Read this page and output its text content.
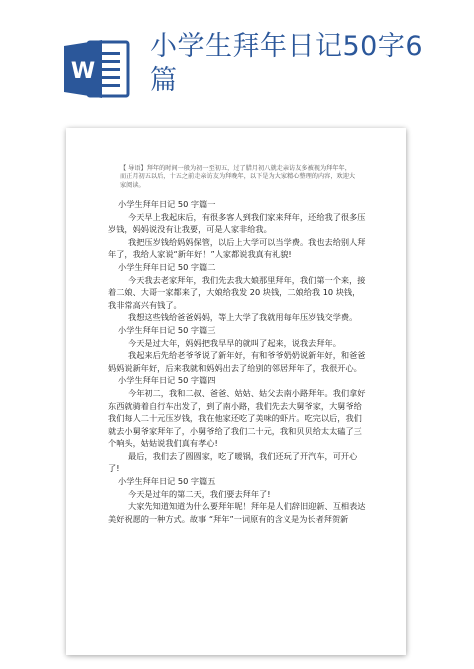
W
小学生拜年日记50字6篇

【 导语】拜年的时间一般为初一至初五，过了腊月初八就走亲访友多被视为拜年年，而正月初五以后，十五之前走亲访友为拜晚年，以下是为大家精心整理的内容，欢迎大家阅读。

小学生拜年日记 50 字篇一

今天早上我起床后，有很多客人到我们家来拜年，还给我了很多压岁钱，妈妈说没有让我要，可是人家非给我。

我把压岁钱给妈妈保管，以后上大学可以当学费。我也去给别人拜年了，我给人家说“新年好！”人家都说我真有礼貌!

小学生拜年日记 50 字篇二

今天我去老家拜年，我们先去我大娘那里拜年，我们第一个来，接着二娘、大哥一家都来了，大娘给我发 20 块钱，二娘给我 10 块钱，我非常高兴有钱了。

我想这些钱给爸爸妈妈，等上大学了我就用每年压岁钱交学费。

小学生拜年日记 50 字篇三

今天是过大年，妈妈把我早早的就叫了起来，说我去拜年。

我起来后先给老爷爷说了新年好，有和爷爷奶奶说新年好，和爸爸妈妈说新年好，后来我就和妈妈出去了给别的邻居拜年了，我很开心。

小学生拜年日记 50 字篇四

今年初二，我和二叔、爸爸、姑姑、姑父去南小路拜年。我们拿好东西就骑着自行车出发了，到了南小路，我们先去大舅爷家，大舅爷给我们每人二十元压岁钱，我在他家还吃了美味的虾片。吃完以后，我们就去小舅爷家拜年了，小舅爷给了我们二十元，我和贝贝给太太磕了三个响头，姑姑说我们真有孝心!

最后，我们去了圆圆家，吃了暖锅，我们还玩了开汽车，可开心了!

小学生拜年日记 50 字篇五

今天是过年的第二天，我们要去拜年了!

大家先知道知道为什么要拜年呢！拜年是人们辞旧迎新、互相表达美好祝愿的一种方式。故事 “拜年”一词原有的含义是为长者拜贺新
